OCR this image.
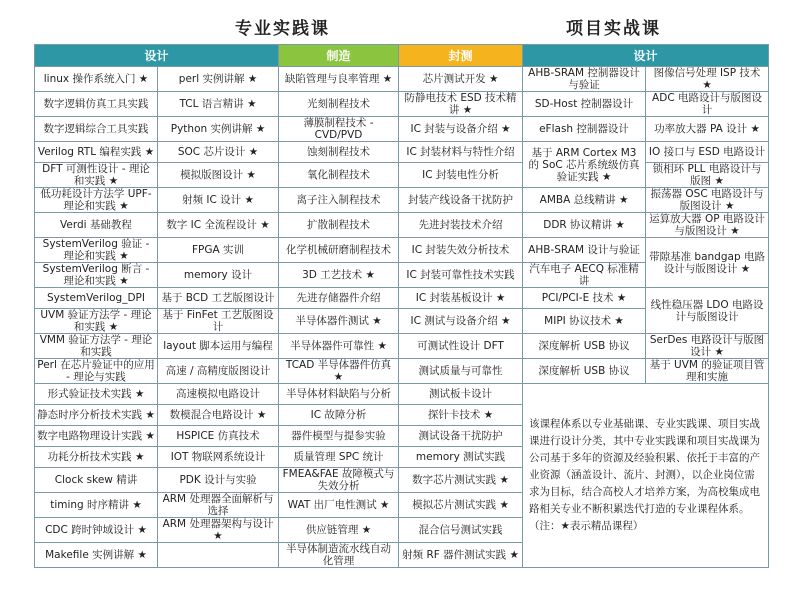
专业实践课	项目实战课
设计		制造	封测	设计	
linux 操作系统入门 ★	perl 实例讲解 ★	缺陷管理与良率管理 ★	芯片测试开发 ★	AHB-SRAM 控制器设计与验证	图像信号处理 ISP 技术 ★
数字逻辑仿真工具实践	TCL 语言精讲 ★	光刻制程技术	防静电技术 ESD 技术精讲 ★	SD-Host 控制器设计	ADC 电路设计与版图设计
数字逻辑综合工具实践	Python 实例讲解 ★	薄膜制程技术 -CVD/PVD	IC 封装与设备介绍 ★	eFlash 控制器设计	功率放大器 PA 设计 ★
Verilog RTL 编程实践 ★	SOC 芯片设计 ★	蚀刻制程技术	IC 封装材料与特性介绍	基于 ARM Cortex M3 的 SoC 芯片系统级仿真验证实践 ★	IO 接口与 ESD 电路设计
DFT 可测性设计 - 理论和实践 ★	模拟版图设计 ★	氧化制程技术	IC 封装电性分析		锁相环 PLL 电路设计与版图 ★
低功耗设计方法学 UPF-理论和实践 ★	射频 IC 设计 ★	离子注入制程技术	封装产线设备干扰防护	AMBA 总线精讲 ★	振荡器 OSC 电路设计与版图设计 ★
Verdi 基础教程	数字 IC 全流程设计 ★	扩散制程技术	先进封装技术介绍	DDR 协议精讲 ★	运算放大器 OP 电路设计与版图设计 ★
SystemVerilog 验证 - 理论和实践 ★	FPGA 实训	化学机械研磨制程技术	IC 封装失效分析技术	AHB-SRAM 设计与验证	带隙基准 bandgap 电路设计与版图设计 ★
SystemVerilog 断言 - 理论和实践 ★	memory 设计	3D 工艺技术 ★	IC 封装可靠性技术实践	汽车电子 AECQ 标准精讲	
SystemVerilog_DPI	基于 BCD 工艺版图设计	先进存储器件介绍	IC 封装基板设计 ★	PCI/PCI-E 技术 ★	线性稳压器 LDO 电路设计与版图设计
UVM 验证方法学 - 理论和实践 ★	基于 FinFet 工艺版图设计	半导体器件测试 ★	IC 测试与设备介绍 ★	MIPI 协议技术 ★	
VMM 验证方法学 - 理论和实践	layout 脚本运用与编程	半导体器件可靠性 ★	可测试性设计 DFT	深度解析 USB 协议	SerDes 电路设计与版图设计 ★
Perl 在芯片验证中的应用 - 理论与实践	高速 / 高精度版图设计	TCAD 半导体器件仿真 ★	测试质量与可靠性	深度解析 USB 协议	基于 UVM 的验证项目管理和实施
形式验证技术实践 ★	高速模拟电路设计	半导体材料缺陷与分析	测试板卡设计	该课程体系以专业基础课、专业实践课、项目实战课进行设计分类，其中专业实践课和项目实战课为公司基于多年的资源及经验积累、依托于丰富的产业资源（涵盖设计、流片、封测），以企业岗位需求为目标，结合高校人才培养方案，为高校集成电路相关专业不断积累迭代打造的专业课程体系。（注：★表示精品课程）	
静态时序分析技术实践 ★	数模混合电路设计 ★	IC 故障分析	探针卡技术 ★		
数字电路物理设计实践 ★	HSPICE 仿真技术	器件模型与提参实验	测试设备干扰防护		
功耗分析技术实践 ★	IOT 物联网系统设计	质量管理 SPC 统计	memory 测试实践		
Clock skew 精讲	PDK 设计与实验	FMEA&FAE 故障模式与失效分析	数字芯片测试实践 ★		
timing 时序精讲 ★	ARM 处理器全面解析与选择	WAT 出厂电性测试 ★	模拟芯片测试实践 ★		
CDC 跨时钟域设计 ★	ARM 处理器架构与设计 ★	供应链管理 ★	混合信号测试实践		
Makefile 实例讲解 ★		半导体制造流水线自动化管理	射频 RF 器件测试实践 ★		
